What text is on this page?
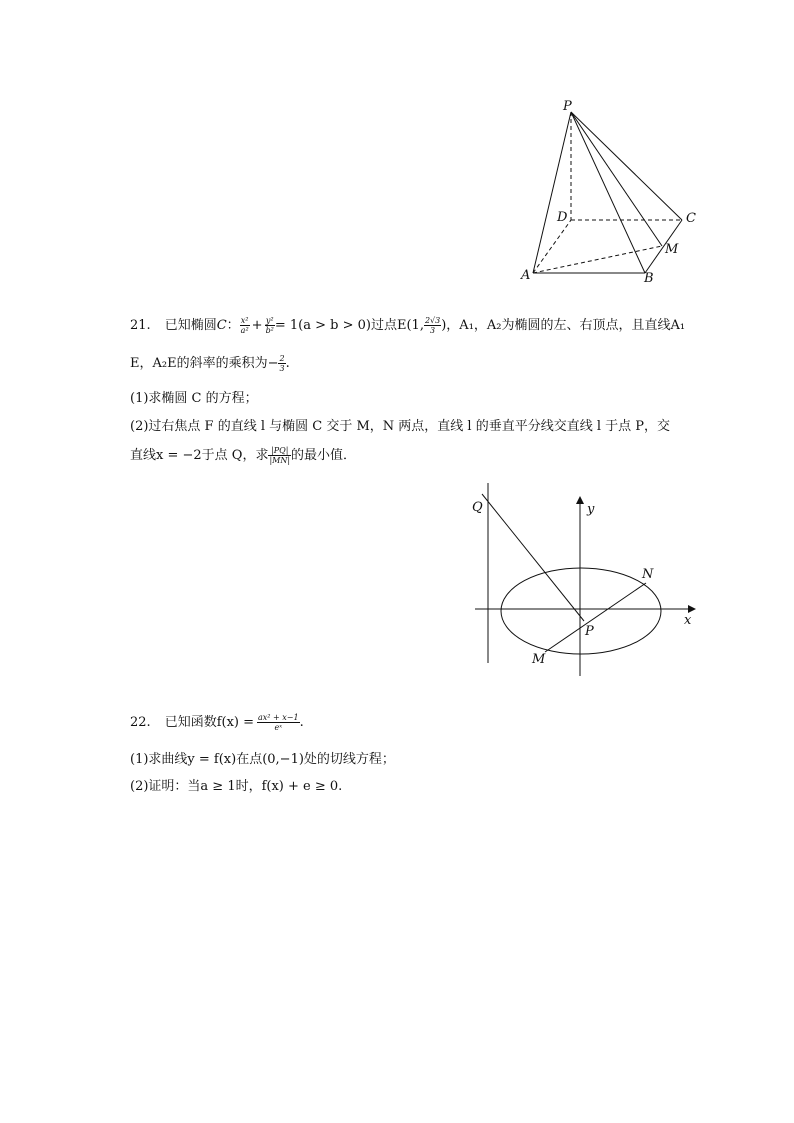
P
D	C
M
A	B
21. 已知椭圆C： $\frac{\text{x²}}{\text{a²}} + \frac{\text{y²}}{\text{b²}} = 1(a > b > 0)$过点E(1, $\frac{2√3}{3}$ )，A₁，A₂为椭圆的左、右顶点，且直线A₁
E，A₂E的斜率的乘积为− $\frac{2}{3}$ .
(1)求椭圆 C 的方程；
(2)过右焦点 F 的直线 l 与椭圆 C 交于 M，N 两点，直线 l 的垂直平分线交直线 l 于点 P，交
直线x = −2于点 Q，求 $\frac{|PQ|}{|MN|}$ 的最小值．
Q	y
N
x
P
M
22. 已知函数$f(x) = \frac{\text{ax² + x−1}}{\text{eˣ}}$ .
(1)求曲线y = f(x)在点(0,−1)处的切线方程；
(2)证明：当a ≥ 1时，f(x) + e ≥ 0.
